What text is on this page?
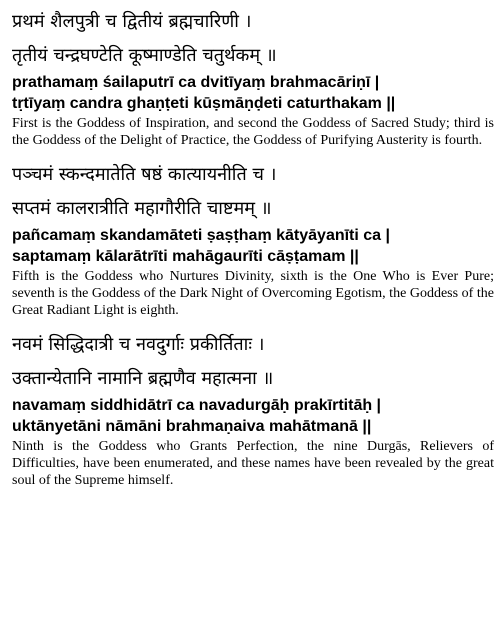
प्रथमं शैलपुत्री च द्वितीयं ब्रह्मचारिणी ।

तृतीयं चन्द्रघण्टेति कूष्माण्डेति चतुर्थकम् ॥

prathamaṃ śailaputrī ca dvitīyaṃ brahmacāriṇī |
tṛtīyaṃ candra ghaṇṭeti kūṣmāṇḍeti caturthakam ||
First is the Goddess of Inspiration, and second the Goddess of Sacred Study; third is the Goddess of the Delight of Practice, the Goddess of Purifying Austerity is fourth.

पञ्चमं स्कन्दमातेति षष्ठं कात्यायनीति च ।

सप्तमं कालरात्रीति महागौरीति चाष्टमम् ॥

pañcamaṃ skandamāteti ṣaṣṭhaṃ kātyāyanīti ca |
saptamaṃ kālarātrīti mahāgaurīti cāṣṭamam ||
Fifth is the Goddess who Nurtures Divinity, sixth is the One Who is Ever Pure; seventh is the Goddess of the Dark Night of Overcoming Egotism, the Goddess of the Great Radiant Light is eighth.

नवमं सिद्धिदात्री च नवदुर्गाः प्रकीर्तिताः ।

उक्तान्येतानि नामानि ब्रह्मणैव महात्मना ॥

navamaṃ siddhidātrī ca navadurgāḥ prakīrtitāḥ |
uktānyetāni nāmāni brahmaṇaiva mahātmanā ||
Ninth is the Goddess who Grants Perfection, the nine Durgās, Relievers of Difficulties, have been enumerated, and these names have been revealed by the great soul of the Supreme himself.
